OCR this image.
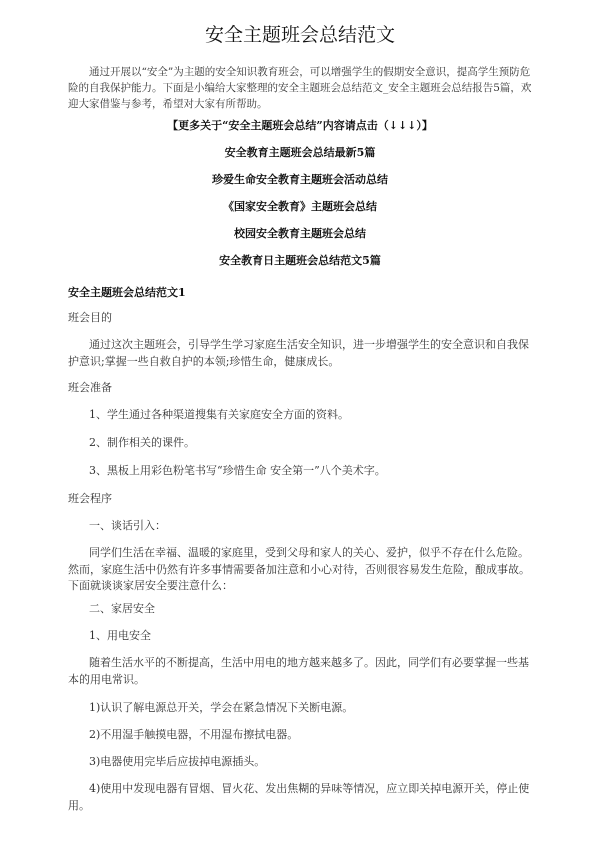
安全主题班会总结范文
通过开展以“安全”为主题的安全知识教育班会，可以增强学生的假期安全意识，提高学生预防危险的自我保护能力。下面是小编给大家整理的安全主题班会总结范文_安全主题班会总结报告5篇，欢迎大家借鉴与参考，希望对大家有所帮助。
【更多关于“安全主题班会总结”内容请点击（↓↓↓）】
安全教育主题班会总结最新5篇
珍爱生命安全教育主题班会活动总结
《国家安全教育》主题班会总结
校园安全教育主题班会总结
安全教育日主题班会总结范文5篇
安全主题班会总结范文1
班会目的
通过这次主题班会，引导学生学习家庭生活安全知识，进一步增强学生的安全意识和自我保护意识;掌握一些自救自护的本领;珍惜生命，健康成长。
班会准备
1、学生通过各种渠道搜集有关家庭安全方面的资料。
2、制作相关的课件。
3、黑板上用彩色粉笔书写“珍惜生命 安全第一”八个美术字。
班会程序
一、谈话引入：
同学们生活在幸福、温暖的家庭里，受到父母和家人的关心、爱护，似乎不存在什么危险。然而，家庭生活中仍然有许多事情需要备加注意和小心对待，否则很容易发生危险，酿成事故。下面就谈谈家居安全要注意什么：
二、家居安全
1、用电安全
随着生活水平的不断提高，生活中用电的地方越来越多了。因此，同学们有必要掌握一些基本的用电常识。
1)认识了解电源总开关，学会在紧急情况下关断电源。
2)不用湿手触摸电器，不用湿布擦拭电器。
3)电器使用完毕后应拔掉电源插头。
4)使用中发现电器有冒烟、冒火花、发出焦糊的异味等情况，应立即关掉电源开关，停止使用。
